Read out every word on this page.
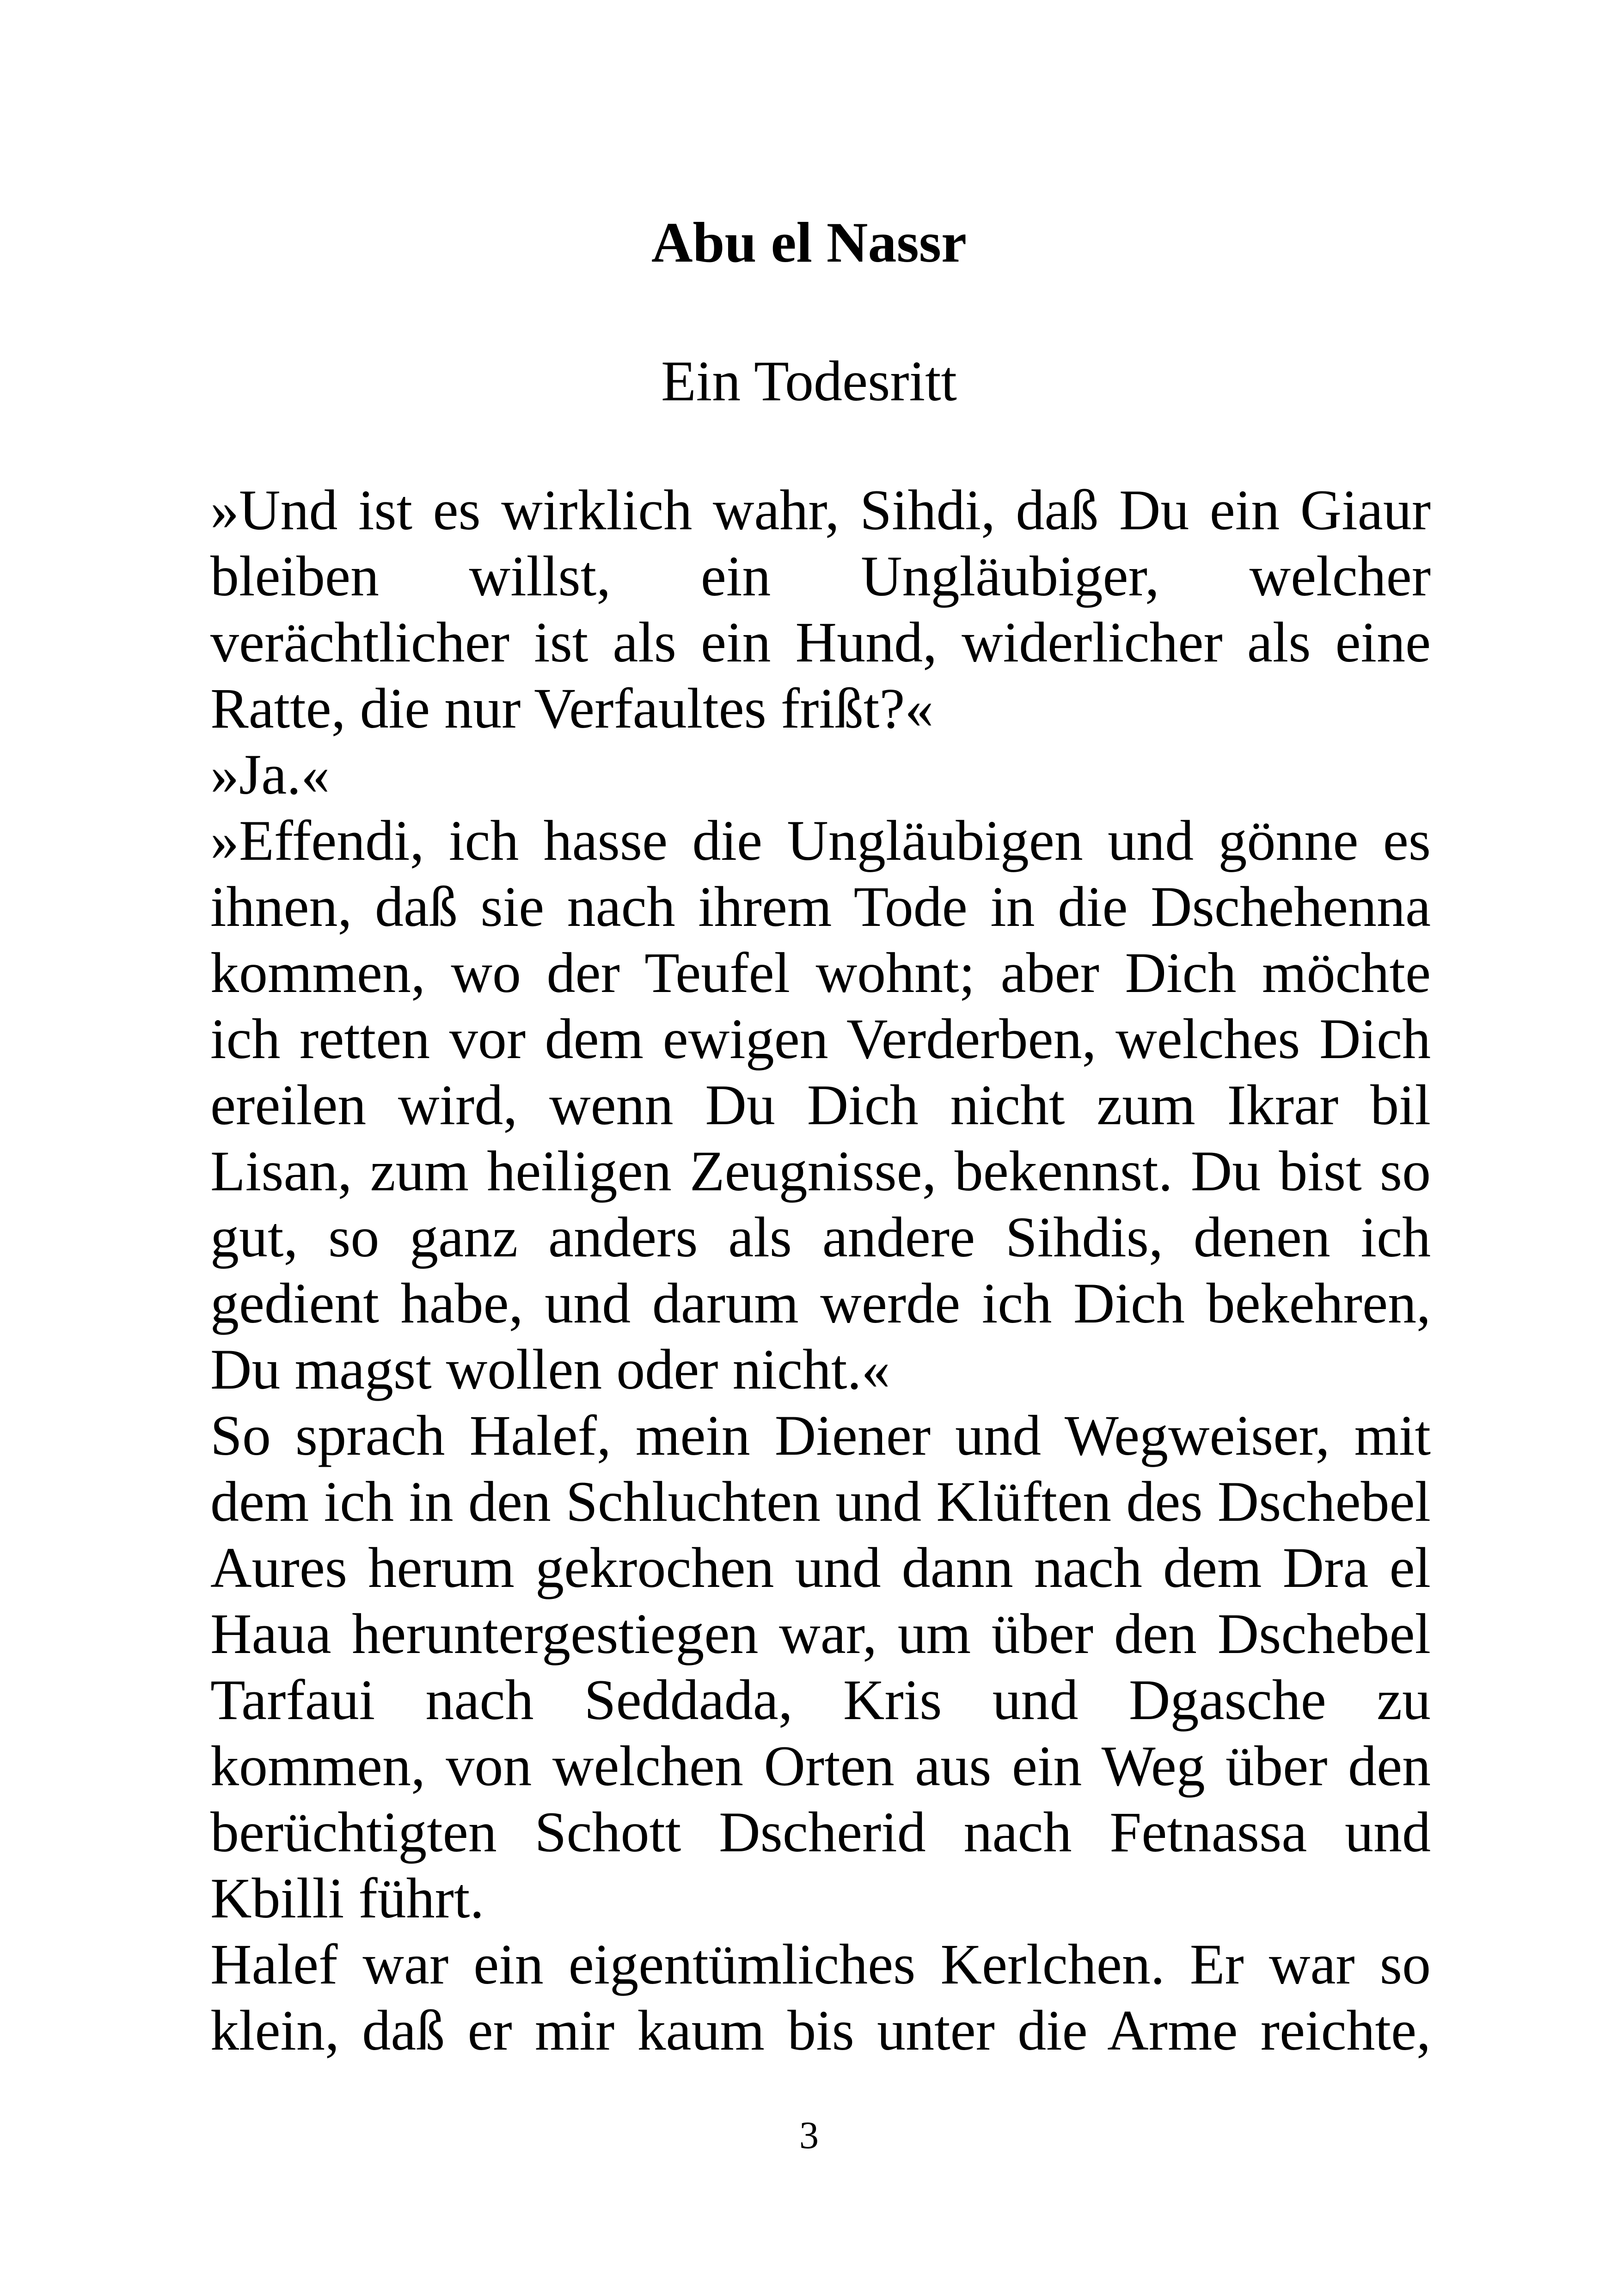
Abu el Nassr
Ein Todesritt

»Und ist es wirklich wahr, Sihdi, daß Du ein Giaur bleiben willst, ein Ungläubiger, welcher verächtlicher ist als ein Hund, widerlicher als eine Ratte, die nur Verfaultes frißt?«

»Ja.«

»Effendi, ich hasse die Ungläubigen und gönne es ihnen, daß sie nach ihrem Tode in die Dschehenna kommen, wo der Teufel wohnt; aber Dich möchte ich retten vor dem ewigen Verderben, welches Dich ereilen wird, wenn Du Dich nicht zum Ikrar bil Lisan, zum heiligen Zeugnisse, bekennst. Du bist so gut, so ganz anders als andere Sihdis, denen ich gedient habe, und darum werde ich Dich bekehren, Du magst wollen oder nicht.«

So sprach Halef, mein Diener und Wegweiser, mit dem ich in den Schluchten und Klüften des Dschebel Aures herum gekrochen und dann nach dem Dra el Haua heruntergestiegen war, um über den Dschebel Tarfaui nach Seddada, Kris und Dgasche zu kommen, von welchen Orten aus ein Weg über den berüchtigten Schott Dscherid nach Fetnassa und Kbilli führt.

Halef war ein eigentümliches Kerlchen. Er war so klein, daß er mir kaum bis unter die Arme reichte,

3
